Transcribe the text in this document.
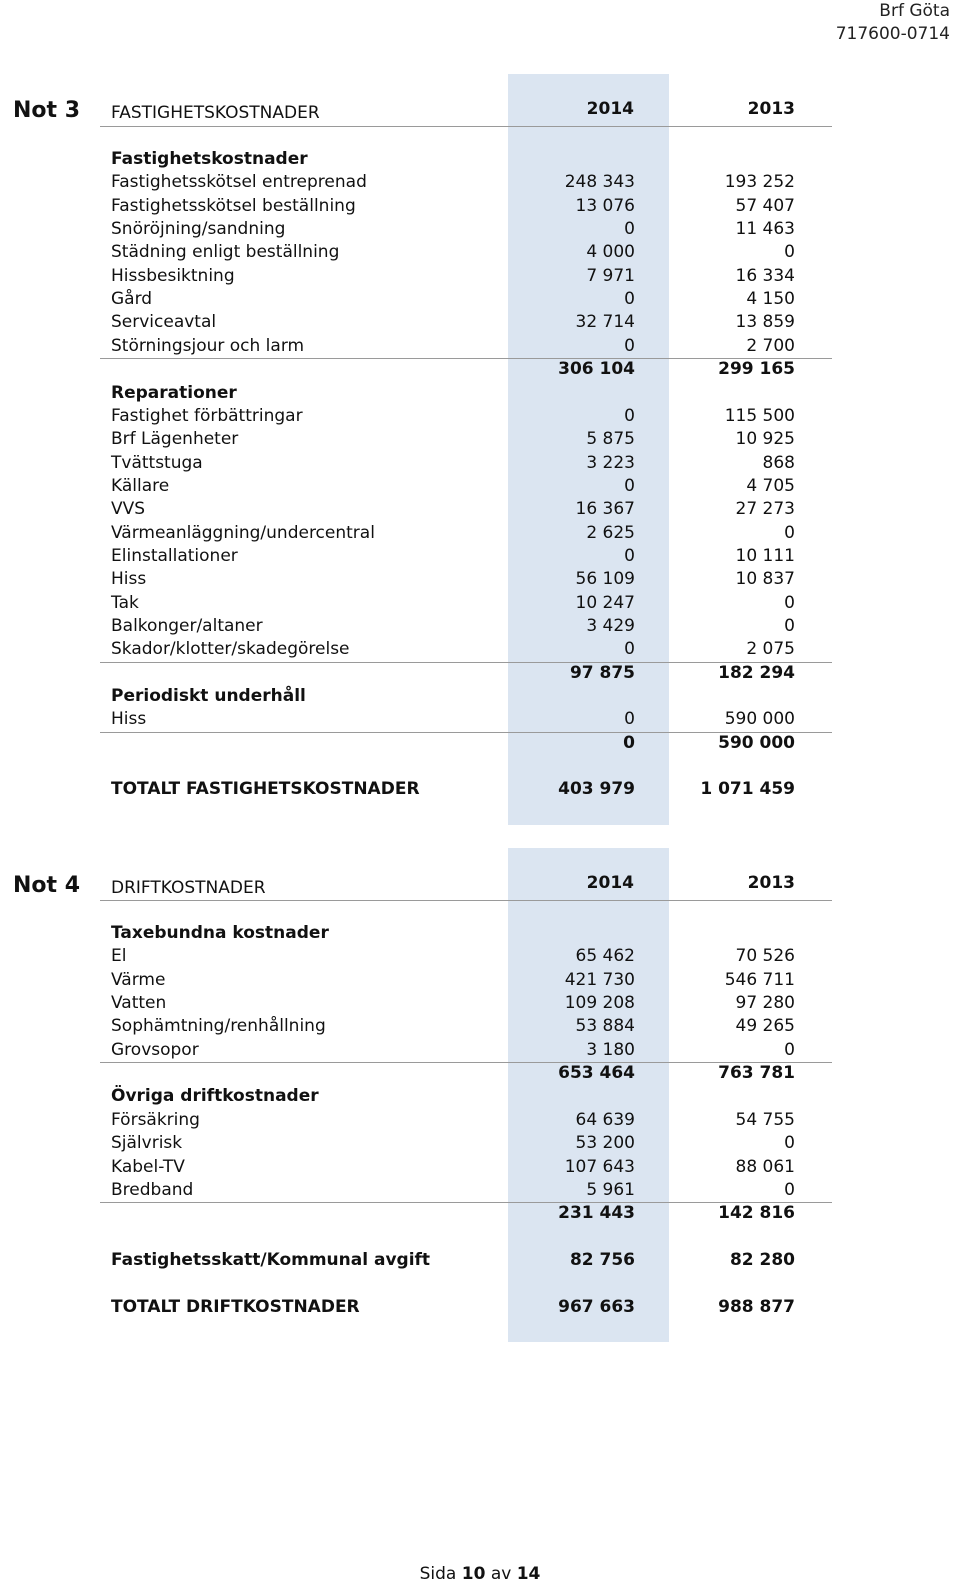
Brf Göta
717600-0714
Not 3 FASTIGHETSKOSTNADER	2014	2013
Fastighetskostnader
Fastighetsskötsel entreprenad	248 343	193 252
Fastighetsskötsel beställning	13 076	57 407
Snöröjning/sandning	0	11 463
Städning enligt beställning	4 000	0
Hissbesiktning	7 971	16 334
Gård	0	4 150
Serviceavtal	32 714	13 859
Störningsjour och larm	0	2 700
306 104	299 165
Reparationer
Fastighet förbättringar	0	115 500
Brf Lägenheter	5 875	10 925
Tvättstuga	3 223	868
Källare	0	4 705
VVS	16 367	27 273
Värmeanläggning/undercentral	2 625	0
Elinstallationer	0	10 111
Hiss	56 109	10 837
Tak	10 247	0
Balkonger/altaner	3 429	0
Skador/klotter/skadegörelse	0	2 075
97 875	182 294
Periodiskt underhåll
Hiss	0	590 000
0	590 000
TOTALT FASTIGHETSKOSTNADER	403 979	1 071 459
Not 4 DRIFTKOSTNADER	2014	2013
Taxebundna kostnader
El	65 462	70 526
Värme	421 730	546 711
Vatten	109 208	97 280
Sophämtning/renhållning	53 884	49 265
Grovsopor	3 180	0
653 464	763 781
Övriga driftkostnader
Försäkring	64 639	54 755
Självrisk	53 200	0
Kabel-TV	107 643	88 061
Bredband	5 961	0
231 443	142 816
Fastighetsskatt/Kommunal avgift	82 756	82 280
TOTALT DRIFTKOSTNADER	967 663	988 877
Sida 10 av 14
